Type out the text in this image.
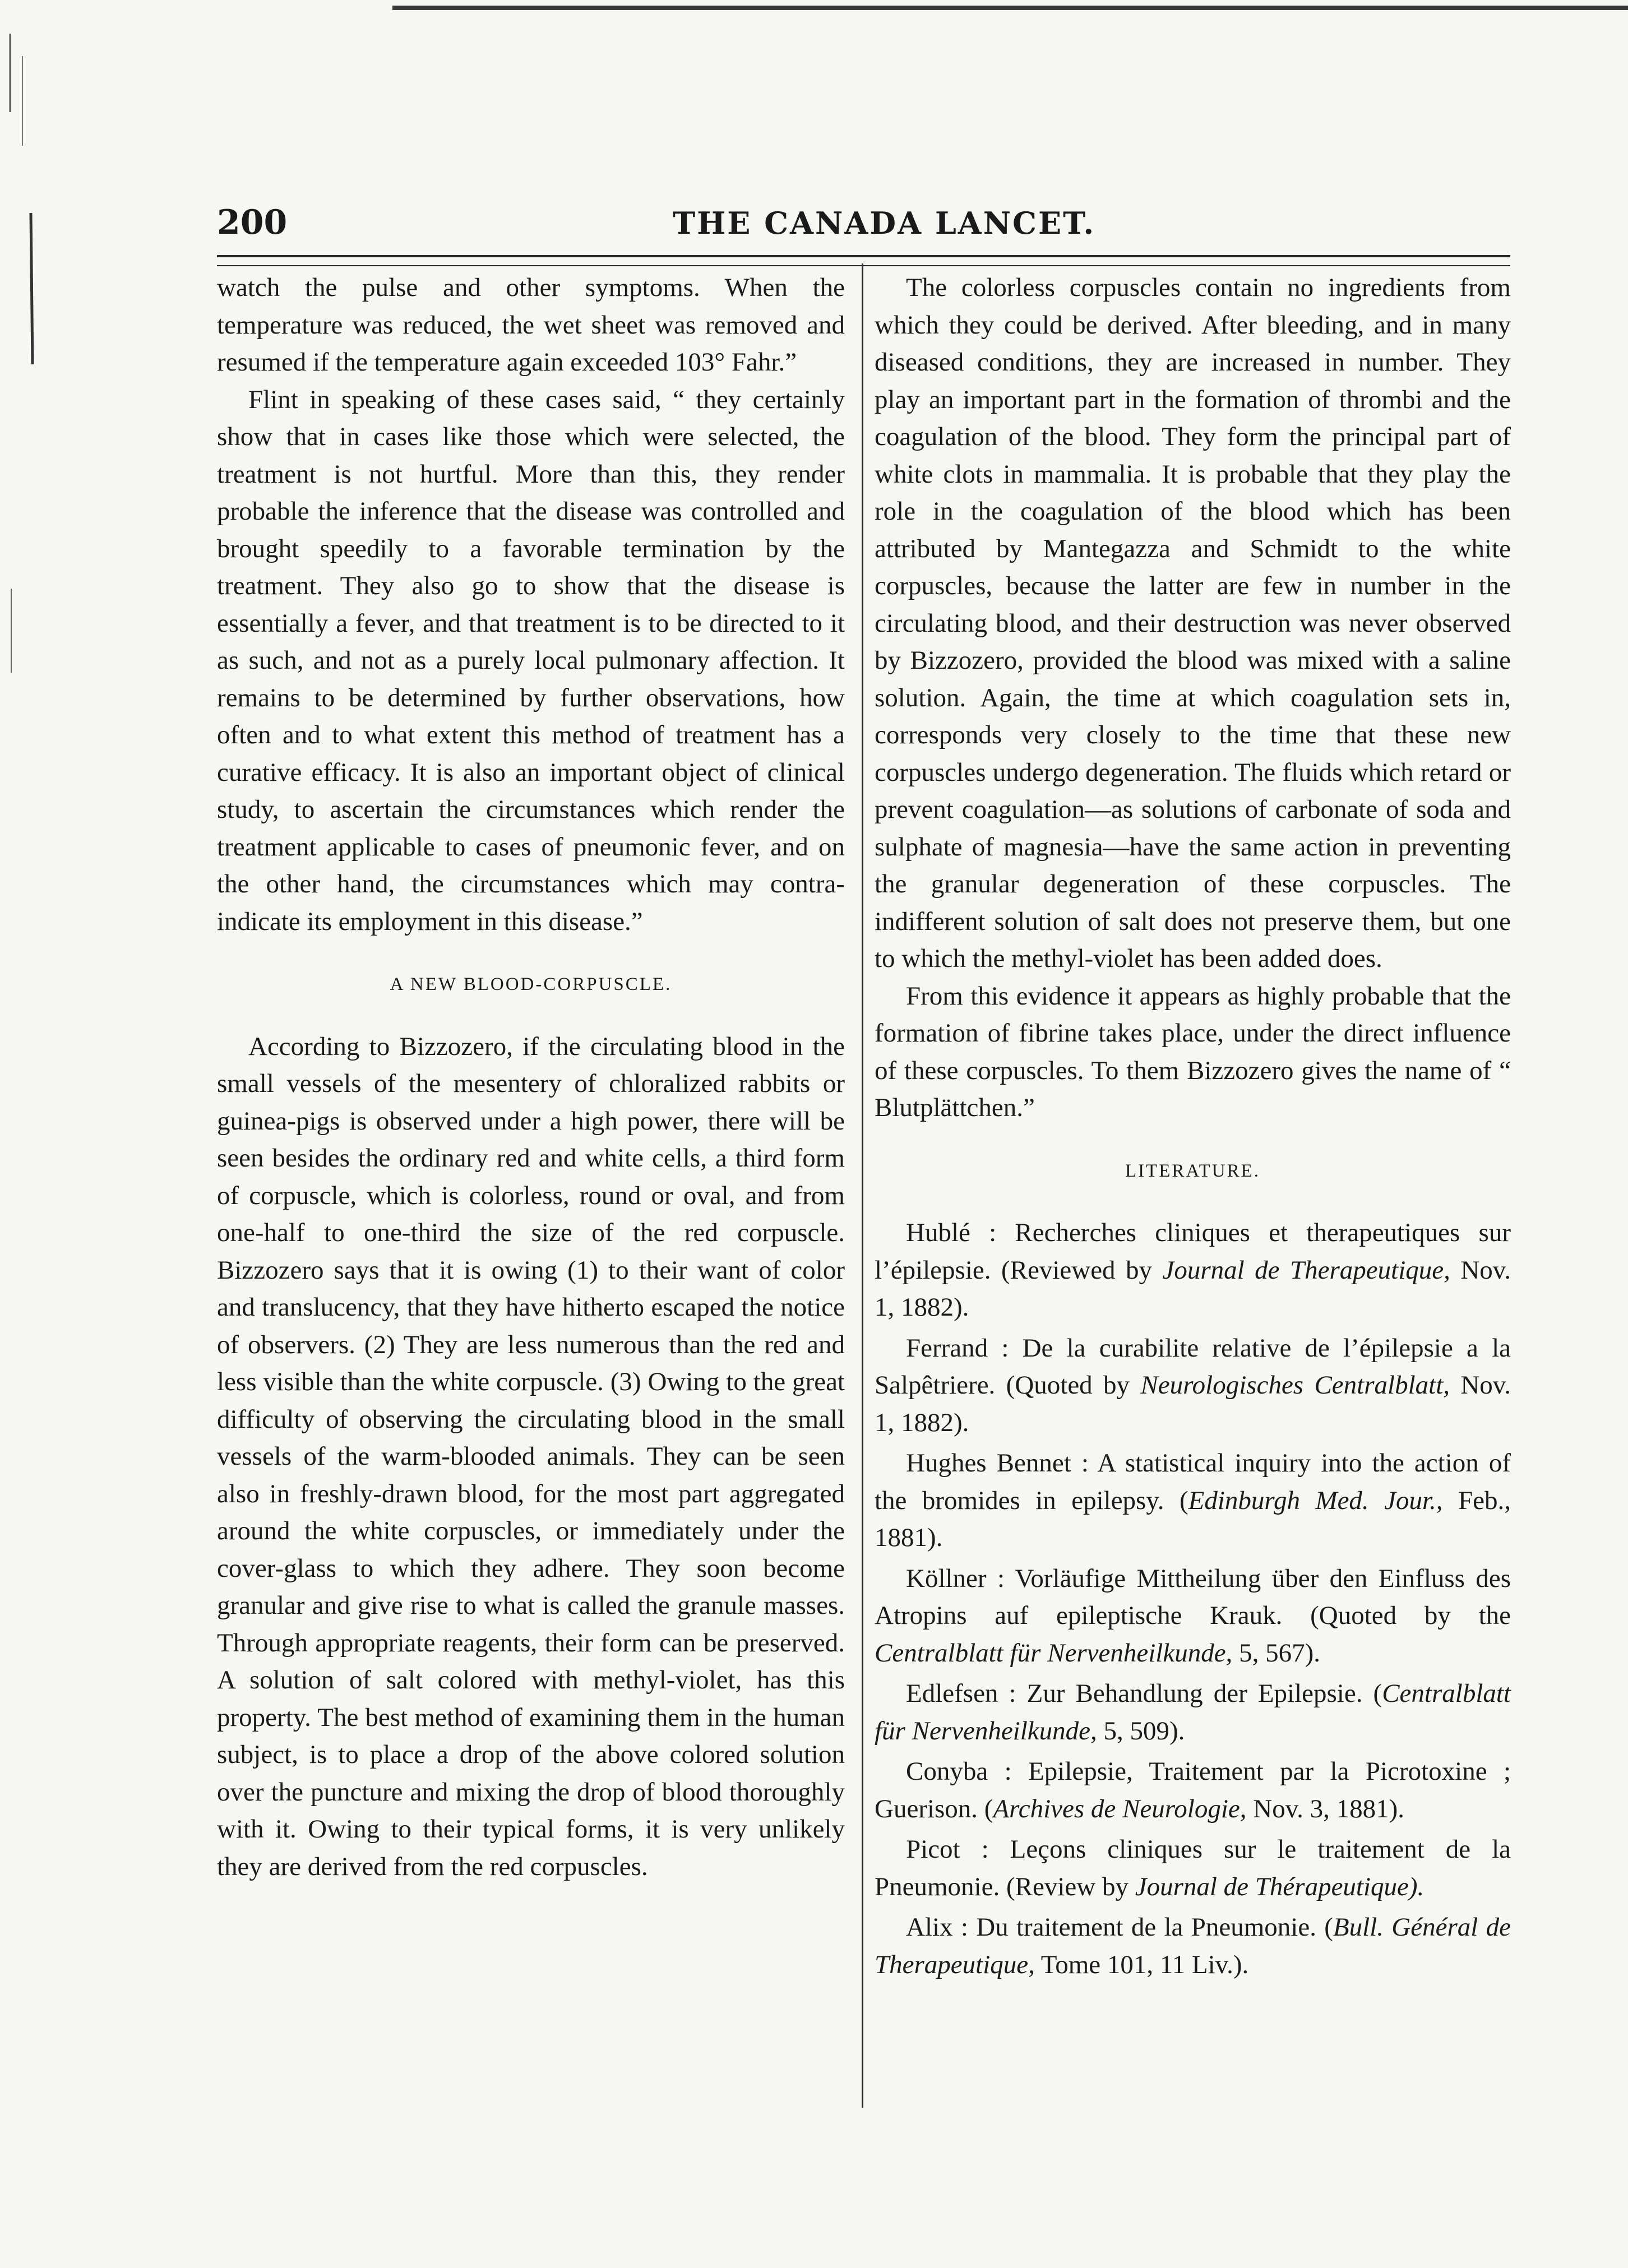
200	THE CANADA LANCET.

watch the pulse and other symptoms. When the temperature was reduced, the wet sheet was removed and resumed if the temperature again exceeded 103° Fahr.”

Flint in speaking of these cases said, “ they certainly show that in cases like those which were selected, the treatment is not hurtful. More than this, they render probable the inference that the disease was controlled and brought speedily to a favorable termination by the treatment. They also go to show that the disease is essentially a fever, and that treatment is to be directed to it as such, and not as a purely local pulmonary affection. It remains to be determined by further observations, how often and to what extent this method of treatment has a curative efficacy. It is also an important object of clinical study, to ascertain the circumstances which render the treatment applicable to cases of pneumonic fever, and on the other hand, the circumstances which may contra-indicate its employment in this disease.”

A NEW BLOOD-CORPUSCLE.

According to Bizzozero, if the circulating blood in the small vessels of the mesentery of chloralized rabbits or guinea-pigs is observed under a high power, there will be seen besides the ordinary red and white cells, a third form of corpuscle, which is colorless, round or oval, and from one-half to one-third the size of the red corpuscle. Bizzozero says that it is owing (1) to their want of color and translucency, that they have hitherto escaped the notice of observers. (2) They are less numerous than the red and less visible than the white corpuscle. (3) Owing to the great difficulty of observing the circulating blood in the small vessels of the warm-blooded animals. They can be seen also in freshly-drawn blood, for the most part aggregated around the white corpuscles, or immediately under the cover-glass to which they adhere. They soon become granular and give rise to what is called the granule masses. Through appropriate reagents, their form can be preserved. A solution of salt colored with methyl-violet, has this property. The best method of examining them in the human subject, is to place a drop of the above colored solution over the puncture and mixing the drop of blood thoroughly with it. Owing to their typical forms, it is very unlikely they are derived from the red corpuscles.

The colorless corpuscles contain no ingredients from which they could be derived. After bleeding, and in many diseased conditions, they are increased in number. They play an important part in the formation of thrombi and the coagulation of the blood. They form the principal part of white clots in mammalia. It is probable that they play the role in the coagulation of the blood which has been attributed by Mantegazza and Schmidt to the white corpuscles, because the latter are few in number in the circulating blood, and their destruction was never observed by Bizzozero, provided the blood was mixed with a saline solution. Again, the time at which coagulation sets in, corresponds very closely to the time that these new corpuscles undergo degeneration. The fluids which retard or prevent coagulation—as solutions of carbonate of soda and sulphate of magnesia—have the same action in preventing the granular degeneration of these corpuscles. The indifferent solution of salt does not preserve them, but one to which the methyl-violet has been added does.

From this evidence it appears as highly probable that the formation of fibrine takes place, under the direct influence of these corpuscles. To them Bizzozero gives the name of “ Blutplättchen.”

LITERATURE.

Hublé : Recherches cliniques et therapeutiques sur l’épilepsie. (Reviewed by Journal de Therapeutique, Nov. 1, 1882).

Ferrand : De la curabilite relative de l’épilepsie a la Salpêtriere. (Quoted by Neurologisches Centralblatt, Nov. 1, 1882).

Hughes Bennet : A statistical inquiry into the action of the bromides in epilepsy. (Edinburgh Med. Jour., Feb., 1881).

Köllner : Vorläufige Mittheilung über den Einfluss des Atropins auf epileptische Krauk. (Quoted by the Centralblatt für Nervenheilkunde, 5, 567).

Edlefsen : Zur Behandlung der Epilepsie. (Centralblatt für Nervenheilkunde, 5, 509).

Conyba : Epilepsie, Traitement par la Picrotoxine ; Guerison. (Archives de Neurologie, Nov. 3, 1881).

Picot : Leçons cliniques sur le traitement de la Pneumonie. (Review by Journal de Thérapeutique).

Alix : Du traitement de la Pneumonie. (Bull. Général de Therapeutique, Tome 101, 11 Liv.).
